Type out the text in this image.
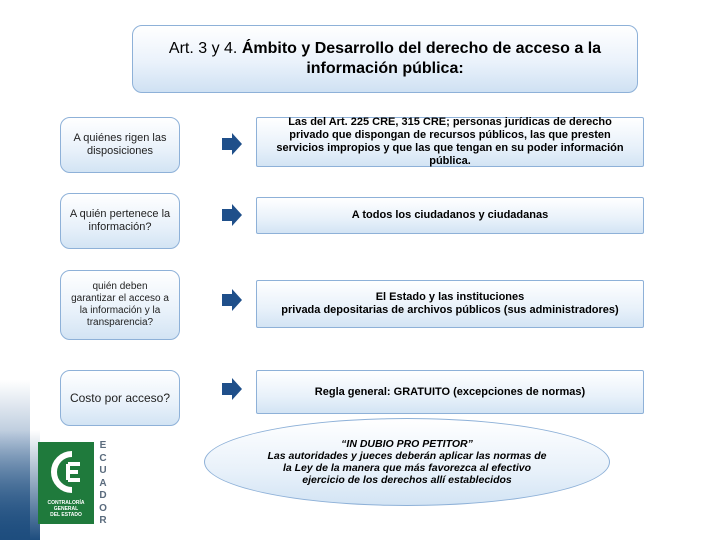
Art. 3 y 4. Ámbito y Desarrollo del derecho de acceso a la información pública:
A quiénes rigen las disposiciones
Las del Art. 225 CRE, 315 CRE; personas jurídicas de derecho privado que dispongan de recursos públicos, las que presten servicios impropios y que las que tengan en su poder información pública.
A quién pertenece la información?
A todos los ciudadanos y ciudadanas
quién deben garantizar el acceso a la información y la transparencia?
El Estado y las instituciones
privada depositarias de archivos públicos (sus administradores)
Costo por acceso?	Regla general: GRATUITO (excepciones de normas)
“IN DUBIO PRO PETITOR”
Las autoridades y jueces deberán aplicar las normas de la Ley de la manera que más favorezca al efectivo ejercicio de los derechos allí establecidos
CONTRALORÍA
GENERAL
DEL ESTADO
E
C
U
A
D
O
R
